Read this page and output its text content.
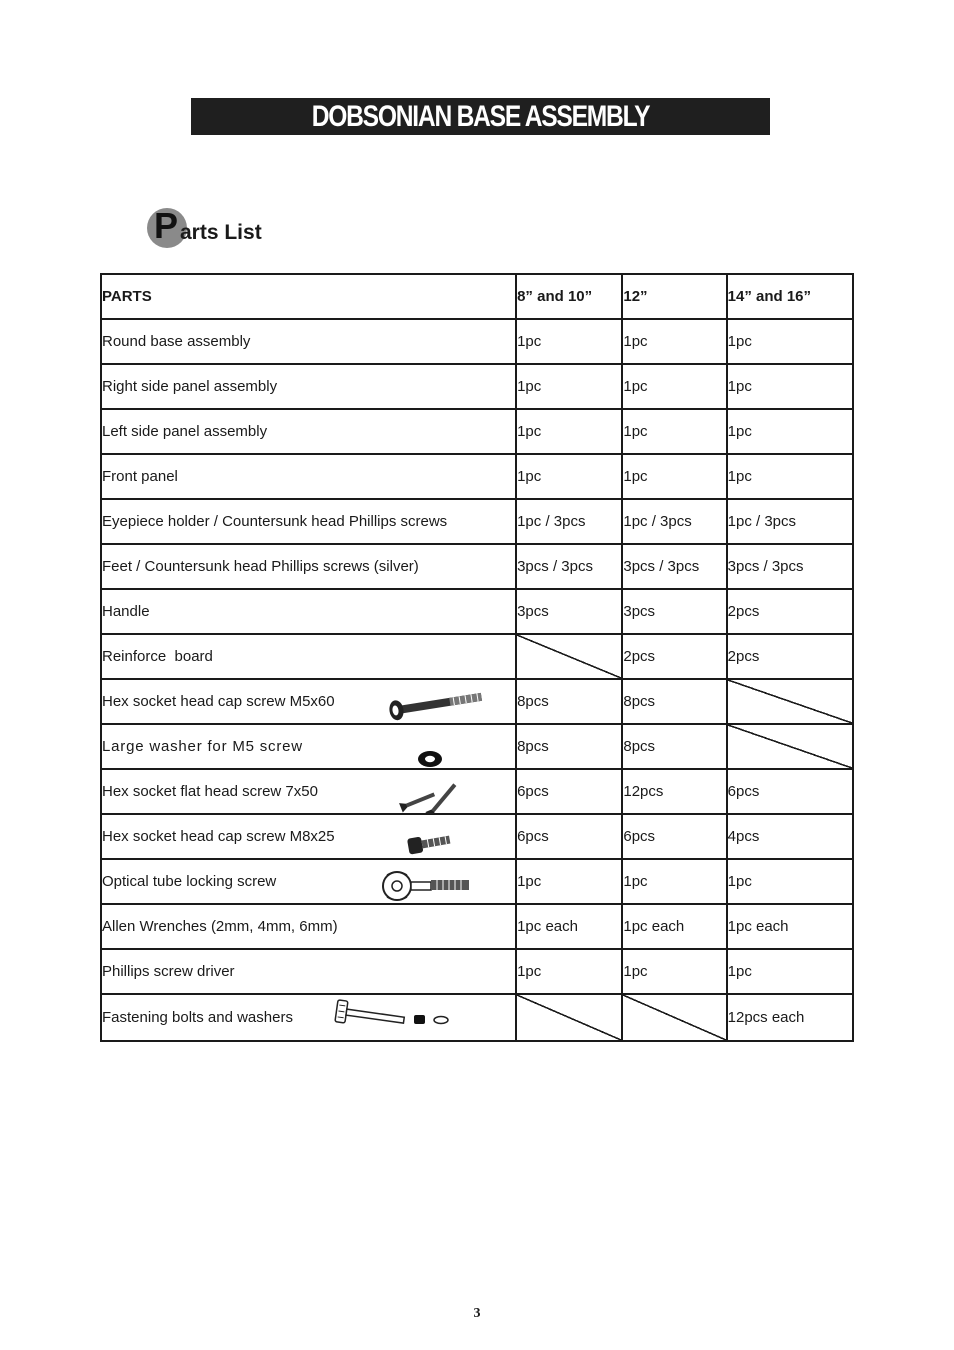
DOBSONIAN BASE ASSEMBLY
P arts List
PARTS	8” and 10”	12”	14” and 16”
Round base assembly	1pc	1pc	1pc
Right side panel assembly	1pc	1pc	1pc
Left side panel assembly	1pc	1pc	1pc
Front panel	1pc	1pc	1pc
Eyepiece holder / Countersunk head Phillips screws	1pc / 3pcs	1pc / 3pcs	1pc / 3pcs
Feet / Countersunk head Phillips screws (silver)	3pcs / 3pcs	3pcs / 3pcs	3pcs / 3pcs
Handle	3pcs	3pcs	2pcs
Reinforce  board		2pcs	2pcs

Hex socket head cap screw M5x60	8pcs	8pcs	

Large washer for M5 screw	8pcs	8pcs	

Hex socket flat head screw 7x50	6pcs	12pcs	6pcs

Hex socket head cap screw M8x25	6pcs	6pcs	4pcs

Optical tube locking screw	1pc	1pc	1pc
Allen Wrenches (2mm, 4mm, 6mm)	1pc each	1pc each	1pc each
Phillips screw driver	1pc	1pc	1pc

Fastening bolts and washers			12pcs each
3
